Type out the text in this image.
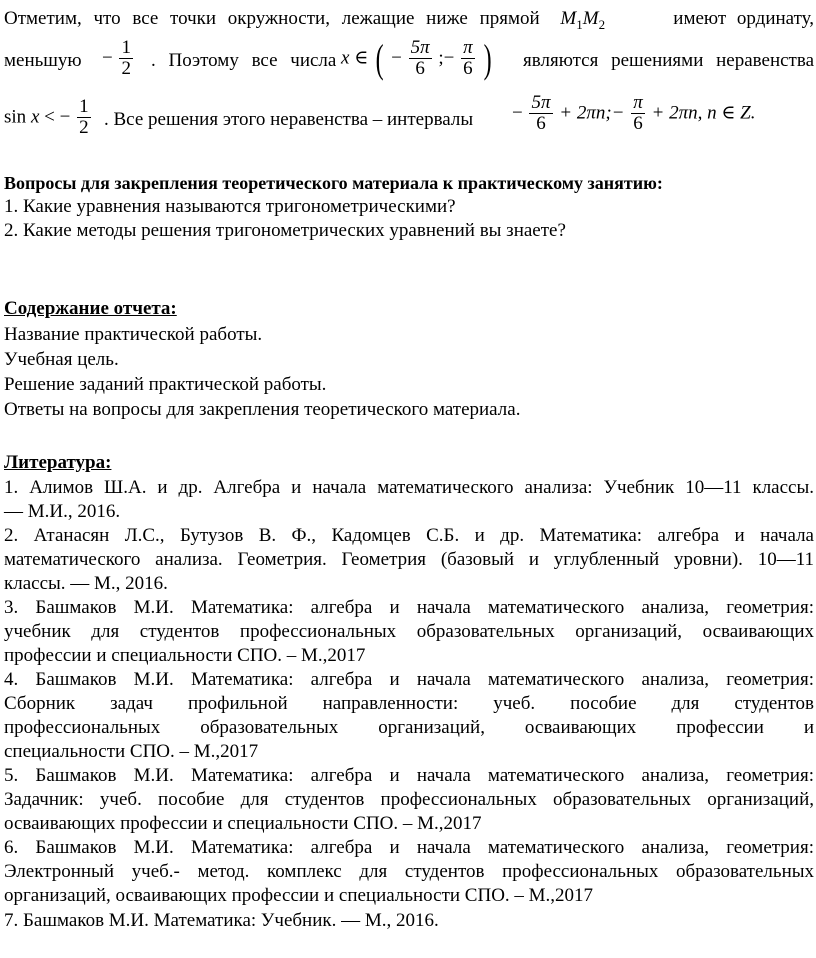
Отметим, что все точки окружности, лежащие ниже прямой $M_1M_2$	имеют ординату,
меньшую − $\frac{1}{2}$ . Поэтому все числа x ∈ ( − $\frac{5\pi}{6}$ ;− $\frac{\pi}{6}$ ) являются решениями неравенства
sin x < − $\frac{1}{2}$ . Все решения этого неравенства – интервалы − $\frac{5\pi}{6}$ + 2πn;− $\frac{\pi}{6} + 2\pi n$, n ∈ Z.
Вопросы для закрепления теоретического материала к практическому занятию:
1. Какие уравнения называются тригонометрическими?
2. Какие методы решения тригонометрических уравнений вы знаете?
Содержание отчета:
Название практической работы.
Учебная цель.
Решение заданий практической работы.
Ответы на вопросы для закрепления теоретического материала.
Литература:
1. Алимов Ш.А. и др. Алгебра и начала математического анализа: Учебник 10—11 классы.
— М.И., 2016.
2. Атанасян Л.С., Бутузов В. Ф., Кадомцев С.Б. и др. Математика: алгебра и начала
математического анализа. Геометрия. Геометрия (базовый и углубленный уровни). 10—11
классы. — М., 2016.
3. Башмаков М.И. Математика: алгебра и начала математического анализа, геометрия:
учебник для студентов профессиональных образовательных организаций, осваивающих
профессии и специальности СПО. – М.,2017
4. Башмаков М.И. Математика: алгебра и начала математического анализа, геометрия:
Сборник задач профильной направленности: учеб. пособие для студентов
профессиональных образовательных организаций, осваивающих профессии и
специальности СПО. – М.,2017
5. Башмаков М.И. Математика: алгебра и начала математического анализа, геометрия:
Задачник: учеб. пособие для студентов профессиональных образовательных организаций,
осваивающих профессии и специальности СПО. – М.,2017
6. Башмаков М.И. Математика: алгебра и начала математического анализа, геометрия:
Электронный учеб.- метод. комплекс для студентов профессиональных образовательных
организаций, осваивающих профессии и специальности СПО. – М.,2017
7. Башмаков М.И. Математика: Учебник. — М., 2016.
